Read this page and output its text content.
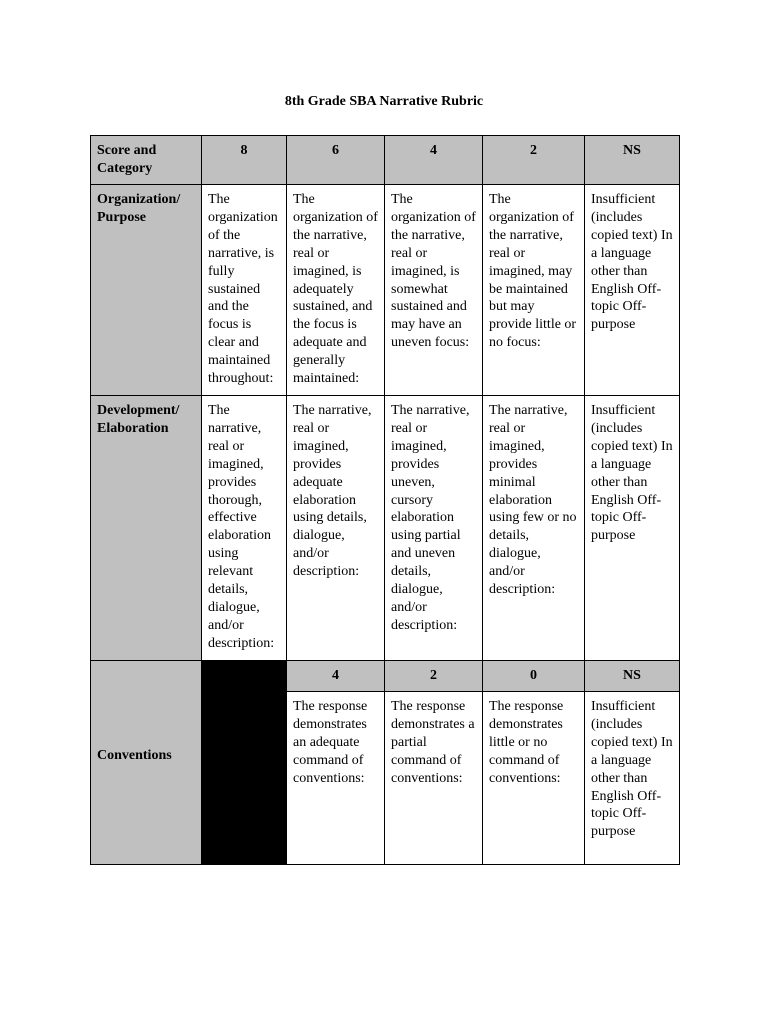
8th Grade SBA Narrative Rubric
Score and Category	8	6	4	2	NS
Organization/ Purpose	The organization of the narrative, is fully sustained and the focus is clear and maintained throughout:	The organization of the narrative, real or imagined, is adequately sustained, and the focus is adequate and generally maintained:	The organization of the narrative, real or imagined, is somewhat sustained and may have an uneven focus:	The organization of the narrative, real or imagined, may be maintained but may provide little or no focus:	Insufficient (includes copied text) In a language other than English Off-topic Off-purpose
Development/ Elaboration	The narrative, real or imagined, provides thorough, effective elaboration using relevant details, dialogue, and/or description:	The narrative, real or imagined, provides adequate elaboration using details, dialogue, and/or description:	The narrative, real or imagined, provides uneven, cursory elaboration using partial and uneven details, dialogue, and/or description:	The narrative, real or imagined, provides minimal elaboration using few or no details, dialogue, and/or description:	Insufficient (includes copied text) In a language other than English Off-topic Off-purpose

Conventions		4	2	0	NS
		The response demonstrates an adequate command of conventions:	The response demonstrates a partial command of conventions:	The response demonstrates little or no command of conventions:	Insufficient (includes copied text) In a language other than English Off-topic Off-purpose
